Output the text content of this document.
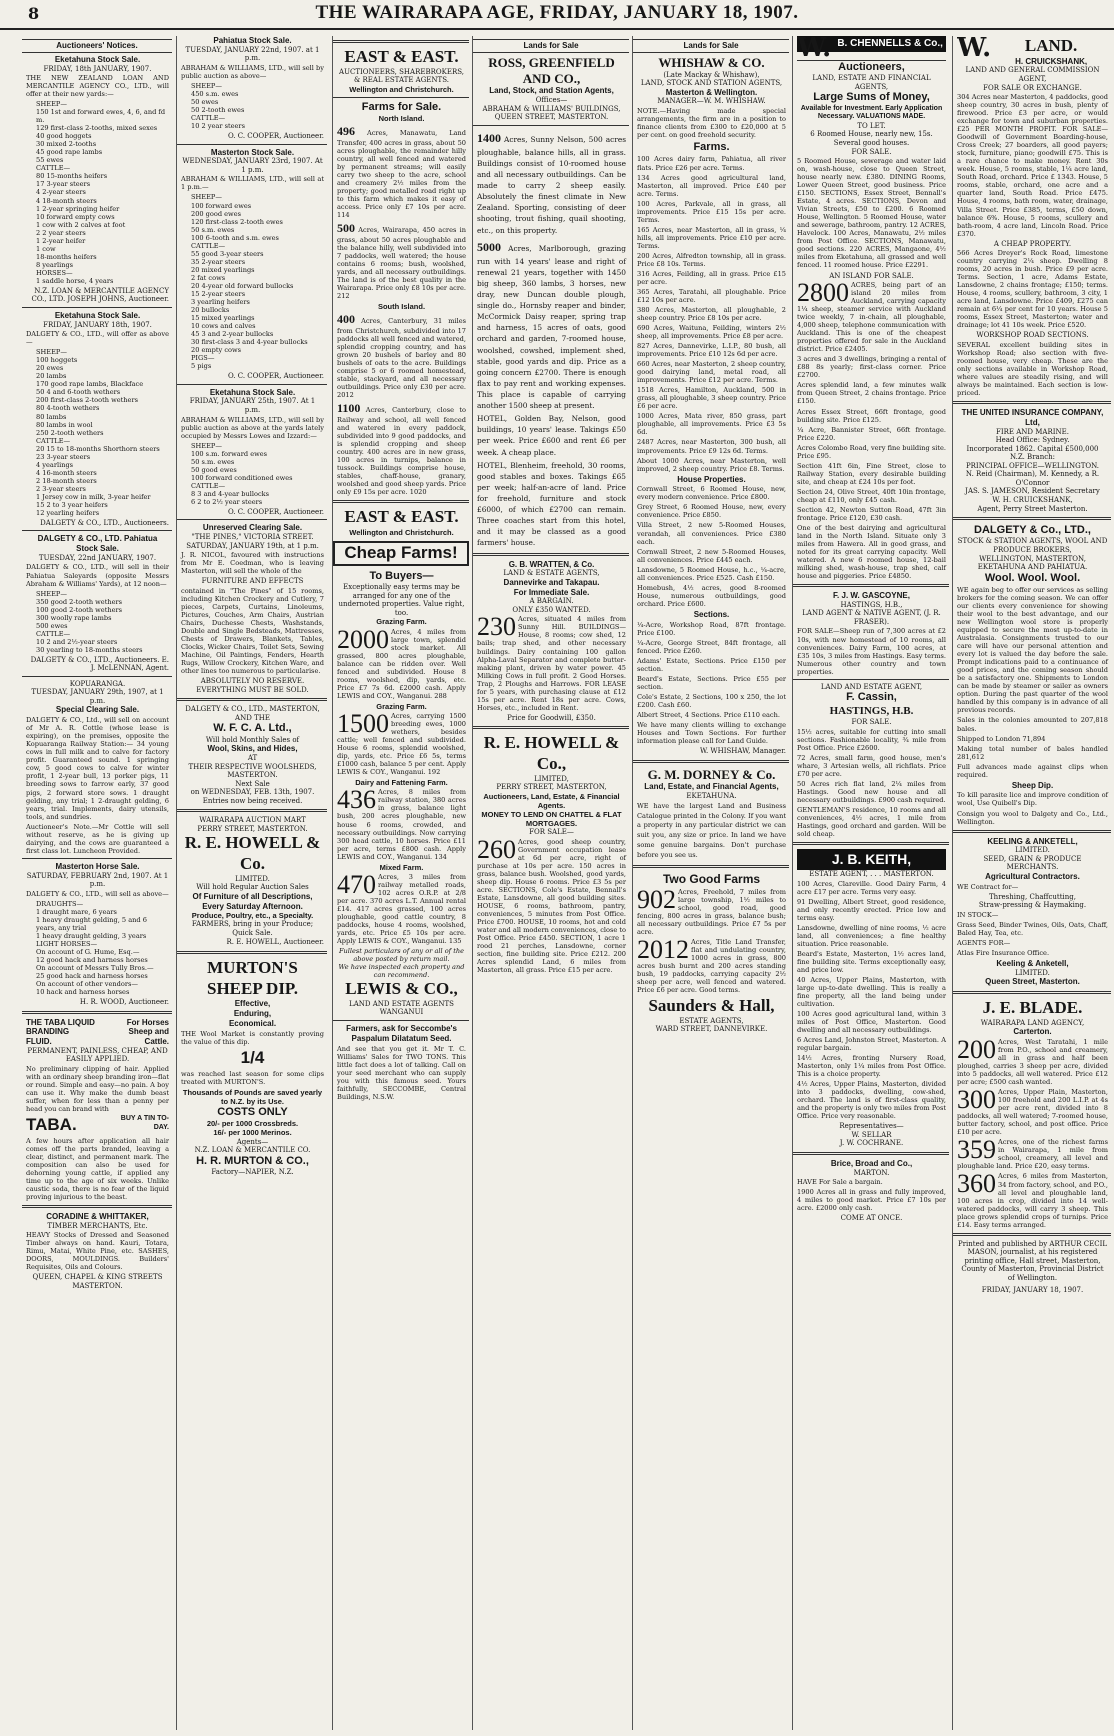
8	THE WAIRARAPA AGE, FRIDAY, JANUARY 18, 1907.
Auctioneers' Notices.
Eketahuna Stock Sale.
FRIDAY, 18th JANUARY, 1907.

THE NEW ZEALAND LOAN AND MERCANTILE AGENCY CO., LTD., will offer at their new yards:—

SHEEP—
150 1st and forward ewes, 4, 6, and fd m.
129 first-class 2-tooths, mixed sexes
40 good hoggets
30 mixed 2-tooths
45 good rape lambs
55 ewes
CATTLE—
80 15-months heifers
17 3-year steers
4 2-year steers
4 18-month steers
1 2-year springing heifer
10 forward empty cows
1 cow with 2 calves at foot
2 2 year steers
1 2-year heifer
1 cow
18-months heifers
8 yearlings
HORSES—
1 saddle horse, 4 years
N.Z. LOAN & MERCANTILE AGENCY CO., LTD. JOSEPH JOHNS, Auctioneer.
Eketahuna Stock Sale.
FRIDAY, JANUARY 18th, 1907.

DALGETY & CO., LTD., will offer as above—

SHEEP—
100 hoggets
20 ewes
20 lambs
170 good rape lambs, Blackface
50 4 and 6-tooth wethers
200 first-class 2-tooth wethers
80 4-tooth wethers
80 lambs
80 lambs in wool
250 2-tooth wethers
CATTLE—
20 15 to 18-months Shorthorn steers
23 3-year steers
4 yearlings
4 16-month steers
2 18-month steers
2 3-year steers
1 Jersey cow in milk, 3-year heifer
15 2 to 3 year heifers
12 yearling heifers
DALGETY & CO., LTD., Auctioneers.
DALGETY & CO., LTD. Pahiatua Stock Sale.
TUESDAY, 22nd JANUARY, 1907.

DALGETY & CO., LTD., will sell in their Pahiatua Saleyards (opposite Messrs Abraham & Williams' Yards), at 12 noon—

SHEEP—
350 good 2-tooth wethers
100 good 2-tooth wethers
300 woolly rape lambs
500 ewes
CATTLE—
10 2 and 2½-year steers
30 yearling to 18-months steers
DALGETY & CO., LTD., Auctioneers. E. J. McLENNAN, Agent.
KOPUARANGA.
TUESDAY, JANUARY 29th, 1907, at 1 p.m.
Special Clearing Sale.

DALGETY & CO., Ltd., will sell on account of Mr A. R. Cottle (whose lease is expiring), on the premises, opposite the Kopuaranga Railway Station:— 34 young cows in full milk and to calve for factory profit. Guaranteed sound. 1 springing cow, 5 good cows to calve for winter profit, 1 2-year bull, 13 porker pigs, 11 breeding sows to farrow early, 37 good pigs, 2 forward store sows. 1 draught gelding, any trial; 1 2-draught gelding, 6 years, trial. Implements, dairy utensils, tools, and sundries.

Auctioneer's Note.—Mr Cottle will sell without reserve, as he is giving up dairying, and the cows are guaranteed a first class lot. Luncheon Provided.

Masterton Horse Sale.
SATURDAY, FEBRUARY 2nd, 1907. At 1 p.m.

DALGETY & CO., LTD., will sell as above—

DRAUGHTS—
1 draught mare, 6 years
1 heavy draught gelding, 5 and 6 years, any trial
1 heavy draught gelding, 3 years
LIGHT HORSES—
On account of G. Hume, Esq.—
12 good hack and harness horses
On account of Messrs Tully Bros.—
25 good hack and harness horses
On account of other vendors—
10 hack and harness horses
H. R. WOOD, Auctioneer.
THE TABA LIQUID BRANDING FLUID.
For Horses Sheep and Cattle.
PERMANENT, PAINLESS, CHEAP, AND EASILY APPLIED.

No preliminary clipping of hair. Applied with an ordinary sheep branding iron—flat or round. Simple and easy—no pain. A boy can use it. Why make the dumb beast suffer, when for less than a penny per head you can brand with

TABA.	BUY A TIN TO-DAY.

A few hours after application all hair comes off the parts branded, leaving a clear, distinct, and permanent mark. The composition can also be used for dehorning young cattle, if applied any time up to the age of six weeks. Unlike caustic soda, there is no fear of the liquid proving injurious to the beast.

CORADINE & WHITTAKER,
TIMBER MERCHANTS, Etc.

HEAVY Stocks of Dressed and Seasoned Timber always on hand. Kauri, Totara, Rimu, Matai, White Pine, etc. SASHES, DOORS, MOULDINGS. Builders' Requisites, Oils and Colours.

QUEEN, CHAPEL & KING STREETS MASTERTON.
Pahiatua Stock Sale.
TUESDAY, JANUARY 22nd, 1907. at 1 p.m.

ABRAHAM & WILLIAMS, LTD., will sell by public auction as above—

SHEEP—
450 s.m. ewes
50 ewes
50 2-tooth ewes
CATTLE—
10 2 year steers
O. C. COOPER, Auctioneer.
Masterton Stock Sale.
WEDNESDAY, JANUARY 23rd, 1907. At 1 p.m.

ABRAHAM & WILLIAMS, LTD., will sell at 1 p.m.—

SHEEP—
100 forward ewes
200 good ewes
120 first-class 2-tooth ewes
50 s.m. ewes
100 6-tooth and s.m. ewes
CATTLE—
55 good 3-year steers
35 2-year steers
20 mixed yearlings
2 fat cows
20 4-year old forward bullocks
15 2-year steers
3 yearling heifers
20 bullocks
15 mixed yearlings
10 cows and calves
45 3 and 2-year bullocks
30 first-class 3 and 4-year bullocks
20 empty cows
PIGS—
5 pigs
O. C. COOPER, Auctioneer.
Eketahuna Stock Sale.
FRIDAY, JANUARY 25th, 1907. At 1 p.m.

ABRAHAM & WILLIAMS, LTD., will sell by public auction as above at the yards lately occupied by Messrs Lowes and Izzard:—

SHEEP—
100 s.m. forward ewes
50 s.m. ewes
50 good ewes
100 forward conditioned ewes
CATTLE—
8 3 and 4-year bullocks
6 2 to 2½ year steers
O. C. COOPER, Auctioneer.
Unreserved Clearing Sale.
"THE PINES," VICTORIA STREET.
SATURDAY, JANUARY 19th, at 1 p.m.

J. R. NICOL, favoured with instructions from Mr E. Coedman, who is leaving Masterton, will sell the whole of the

FURNITURE AND EFFECTS

contained in "The Pines" of 15 rooms, including Kitchen Crockery and Cutlery, 7 pieces, Carpets, Curtains, Linoleums, Pictures, Couches, Arm Chairs, Austrian Chairs, Duchesse Chests, Washstands, Double and Single Bedsteads, Mattresses, Chests of Drawers, Blankets, Tables, Clocks, Wicker Chairs, Toilet Sets, Sewing Machine, Oil Paintings, Fenders, Hearth Rugs, Willow Crockery, Kitchen Ware, and other lines too numerous to particularise.

ABSOLUTELY NO RESERVE.
EVERYTHING MUST BE SOLD.
DALGETY & CO., LTD., MASTERTON,
AND THE
W. F. C. A. Ltd.,
Will hold Monthly Sales of
Wool, Skins, and Hides,
AT
THEIR RESPECTIVE WOOLSHEDS, MASTERTON.
Next Sale
on WEDNESDAY, FEB. 13th, 1907.
Entries now being received.
WAIRARAPA AUCTION MART
PERRY STREET, MASTERTON.
R. E. HOWELL & Co.
LIMITED.
Will hold Regular Auction Sales
Of Furniture of all Descriptions,
Every Saturday Afternoon.
Produce, Poultry, etc., a Specialty.
FARMERS, bring in your Produce; Quick Sale.
R. E. HOWELL, Auctioneer.
MURTON'S SHEEP DIP.
Effective,
Enduring,
Economical.

THE Wool Market is constantly proving the value of this dip.

1/4

was reached last season for some clips treated with MURTON'S.

Thousands of Pounds are saved yearly to N.Z. by its Use.
COSTS ONLY
20/- per 1000 Crossbreds.
16/- per 1000 Merinos.
Agents—
N.Z. LOAN & MERCANTILE CO.
H. R. MURTON & CO.,
Factory—NAPIER, N.Z.
EAST & EAST.
AUCTIONEERS, SHAREBROKERS, & REAL ESTATE AGENTS.
Wellington and Christchurch.
Farms for Sale.
North Island.

496 Acres, Manawatu, Land Transfer, 400 acres in grass, about 50 acres ploughable, the remainder hilly country, all well fenced and watered by permanent streams; will easily carry two sheep to the acre, school and creamery 2½ miles from the property; good metalled road right up to this farm which makes it easy of access. Price only £7 10s per acre. 114

500 Acres, Wairarapa, 450 acres in grass, about 50 acres ploughable and the balance hilly, well subdivided into 7 paddocks, well watered; the house contains 6 rooms; bush, woolshed, yards, and all necessary outbuildings. The land is of the best quality in the Wairarapa. Price only £8 10s per acre. 212

South Island.

400 Acres, Canterbury, 31 miles from Christchurch, subdivided into 17 paddocks all well fenced and watered, splendid cropping country, and has grown 20 bushels of barley and 80 bushels of oats to the acre. Buildings comprise 5 or 6 roomed homestead, stable, stackyard, and all necessary outbuildings. Price only £30 per acre. 2012

1100 Acres, Canterbury, close to Railway and school, all well fenced and watered in every paddock, subdivided into 9 good paddocks, and is splendid cropping and sheep country. 400 acres are in new grass, 100 acres in turnips, balance in tussock. Buildings comprise house, stables, chaff-house, granary, woolshed and good sheep yards. Price only £9 15s per acre. 1020

EAST & EAST.
Wellington and Christchurch.
Cheap Farms!
To Buyers—
Exceptionally easy terms may be arranged for any one of the undernoted properties. Value right, too.
Grazing Farm.

2000 Acres, 4 miles from large town, splendid stock market. All grassed, 800 acres ploughable, balance can be ridden over. Well fenced and subdivided. House 8 rooms, woolshed, dip, yards, etc. Price £7 7s 6d. £2000 cash. Apply LEWIS and COY., Wanganui. 288

Grazing Farm.

1500 Acres, carrying 1500 breeding ewes, 1000 wethers, besides cattle; well fenced and subdivided. House 6 rooms, splendid woolshed, dip, yards, etc. Price £6 5s, terms £1000 cash, balance 5 per cent. Apply LEWIS & COY., Wanganui. 192

Dairy and Fattening Farm.

436 Acres, 8 miles from railway station, 380 acres in grass, balance light bush, 200 acres ploughable, new house 6 rooms, crowded, and necessary outbuildings. Now carrying 300 head cattle, 10 horses. Price £11 per acre, terms £800 cash. Apply LEWIS and COY., Wanganui. 134

Mixed Farm.

470 Acres, 3 miles from railway metalled roads, 102 acres O.R.P. at 2/8 per acre. 370 acres L.T. Annual rental £14. 417 acres grassed, 100 acres ploughable, good cattle country, 8 paddocks, house 4 rooms, woolshed, yards, etc. Price £5 10s per acre. Apply LEWIS & COY., Wanganui. 135

Fullest particulars of any or all of the above posted by return mail.
We have inspected each property and can recommend.
LEWIS & CO.,
LAND AND ESTATE AGENTS
WANGANUI
Farmers, ask for Seccombe's Paspalum Dilatatum Seed.

And see that you get it. Mr T. C. Williams' Sales for TWO TONS. This little fact does a lot of talking. Call on your seed merchant who can supply you with this famous seed. Yours faithfully, SECCOMBE, Central Buildings, N.S.W.

Lands for Sale
ROSS, GREENFIELD AND CO.,
Land, Stock, and Station Agents,
Offices—
ABRAHAM & WILLIAMS' BUILDINGS, QUEEN STREET, MASTERTON.

1400 Acres, Sunny Nelson, 500 acres ploughable, balance hills, all in grass. Buildings consist of 10-roomed house and all necessary outbuildings. Can be made to carry 2 sheep easily. Absolutely the finest climate in New Zealand. Sporting, consisting of deer shooting, trout fishing, quail shooting, etc., on this property.

5000 Acres, Marlborough, grazing run with 14 years' lease and right of renewal 21 years, together with 1450 big sheep, 360 lambs, 3 horses, new dray, new Duncan double plough, single do., Hornsby reaper and binder, McCormick Daisy reaper, spring trap and harness, 15 acres of oats, good orchard and garden, 7-roomed house, woolshed, cowshed, implement shed, stable, good yards and dip. Price as a going concern £2700. There is enough flax to pay rent and working expenses. This place is capable of carrying another 1500 sheep at present.

HOTEL, Golden Bay, Nelson, good buildings, 10 years' lease. Takings £50 per week. Price £600 and rent £6 per week. A cheap place.

HOTEL, Blenheim, freehold, 30 rooms, good stables and boxes. Takings £65 per week; half-an-acre of land. Price for freehold, furniture and stock £6000, of which £2700 can remain. Three coaches start from this hotel, and it may be classed as a good farmers' house.

G. B. WRATTEN, & Co.
LAND & ESTATE AGENTS,
Dannevirke and Takapau.
For Immediate Sale.
A BARGAIN.
ONLY £350 WANTED.

230 Acres, situated 4 miles from Sunny Hill. BUILDINGS—House, 8 rooms; cow shed, 12 bails; trap shed, and other necessary buildings. Dairy containing 100 gallon Alpha-Laval Separator and complete butter-making plant, driven by water power. 45 Milking Cows in full profit. 2 Good Horses. Trap, 2 Ploughs and Harrows. FOR LEASE for 5 years, with purchasing clause at £12 15s per acre. Rent 18s per acre. Cows, Horses, etc., included in Rent.

Price for Goodwill, £350.
R. E. HOWELL & Co.,
LIMITED,
PERRY STREET, MASTERTON,
Auctioneers, Land, Estate, & Financial Agents.
MONEY TO LEND ON CHATTEL & FLAT MORTGAGES.
FOR SALE—

260 Acres, good sheep country, Government occupation lease at 6d per acre, right of purchase at 10s per acre. 150 acres in grass, balance bush. Woolshed, good yards, sheep dip. House 6 rooms. Price £3 5s per acre. SECTIONS, Cole's Estate, Bennall's Estate, Lansdowne, all good building sites. HOUSE, 6 rooms, bathroom, pantry, conveniences, 5 minutes from Post Office. Price £700. HOUSE, 10 rooms, hot and cold water and all modern conveniences, close to Post Office. Price £450. SECTION, 1 acre 1 rood 21 perches, Lansdowne, corner section, fine building site. Price £212. 200 Acres splendid Land, 6 miles from Masterton, all grass. Price £15 per acre.

Lands for Sale
WHISHAW & CO.
(Late Mackay & Whishaw),
LAND, STOCK AND STATION AGENTS,
Masterton & Wellington.
MANAGER—W. M. WHISHAW.

NOTE.—Having made special arrangements, the firm are in a position to finance clients from £300 to £20,000 at 5 per cent. on good freehold security.

Farms.

100 Acres dairy farm, Pahiatua, all river flats. Price £26 per acre. Terms.

134 Acres good agricultural land, Masterton, all improved. Price £40 per acre. Terms.

100 Acres, Parkvale, all in grass, all improvements. Price £15 15s per acre. Terms.

165 Acres, near Masterton, all in grass, ¼ hills, all improvements. Price £10 per acre. Terms.

200 Acres, Alfredton township, all in grass. Price £8 10s. Terms.

316 Acres, Feilding, all in grass. Price £15 per acre.

365 Acres, Taratahi, all ploughable. Price £12 10s per acre.

380 Acres, Masterton, all ploughable, 2 sheep country. Price £8 10s per acre.

690 Acres, Waituna, Feilding, winters 2½ sheep, all improvements. Price £8 per acre.

827 Acres, Dannevirke, L.I.P., 80 bush, all improvements. Price £10 12s 6d per acre.

660 Acres, near Masterton, 2 sheep country, good dairying land, metal road, all improvements. Price £12 per acre. Terms.

1518 Acres, Hamilton, Auckland, 500 in grass, all ploughable, 3 sheep country. Price £6 per acre.

1000 Acres, Mata river, 850 grass, part ploughable, all improvements. Price £3 5s 6d.

2487 Acres, near Masterton, 300 bush, all improvements. Price £9 12s 6d. Terms.

About 1000 Acres, near Masterton, well improved, 2 sheep country. Price £8. Terms.

House Properties.

Cornwall Street, 6 Roomed House, new, every modern convenience. Price £800.

Grey Street, 6 Roomed House, new, every convenience. Price £850.

Villa Street, 2 new 5-Roomed Houses, verandah, all conveniences. Price £380 each.

Cornwall Street, 2 new 5-Roomed Houses, all conveniences. Price £445 each.

Lansdowne, 5 Roomed House, h.c., ¼-acre, all conveniences. Price £525. Cash £150.

Homebush, 4½ acres, good 8-roomed House, numerous outbuildings, good orchard. Price £600.

Sections.

¼-Acre, Workshop Road, 87ft frontage. Price £100.

¼-Acre, George Street, 84ft frontage, all fenced. Price £260.

Adams' Estate, Sections. Price £150 per section.

Beard's Estate, Sections. Price £55 per section.

Cole's Estate, 2 Sections, 100 x 250, the lot £200. Cash £60.

Albert Street, 4 Sections. Price £110 each.

We have many clients willing to exchange Houses and Town Sections. For further information please call for Land Guide.

W. WHISHAW, Manager.
G. M. DORNEY & Co.
Land, Estate, and Financial Agents,
EKETAHUNA.

WE have the largest Land and Business Catalogue printed in the Colony. If you want a property in any particular district we can suit you, any size or price. In land we have some genuine bargains. Don't purchase before you see us.

Two Good Farms

902 Acres, Freehold, 7 miles from large township, 1½ miles to school, good road, good fencing, 800 acres in grass, balance bush; all necessary outbuildings. Price £7 5s per acre.

2012 Acres, Title Land Transfer, flat and undulating country, 1000 acres in grass, 800 acres bush burnt and 200 acres standing bush, 19 paddocks, carrying capacity 2½ sheep per acre, well fenced and watered. Price £6 per acre. Good terms.

Saunders & Hall,
ESTATE AGENTS,
WARD STREET, DANNEVIRKE.
W. B. CHENNELLS & Co.,
Auctioneers,
LAND, ESTATE AND FINANCIAL AGENTS,
Large Sums of Money,
Available for Investment. Early Application Necessary. VALUATIONS MADE.
TO LET.
6 Roomed House, nearly new, 15s. Several good houses.
FOR SALE.

5 Roomed House, sewerage and water laid on, wash-house, close to Queen Street, house nearly new. £380. DINING Rooms, Lower Queen Street, good business. Price £150. SECTIONS, Essex Street, Bennall's Estate, 4 acres. SECTIONS, Devon and Vivian Streets, £50 to £200. 6 Roomed House, Wellington. 5 Roomed House, water and sewerage, bathroom, pantry. 12 ACRES, Havelock. 100 Acres, Manawatu, 2½ miles from Post Office. SECTIONS, Manawatu, good sections. 220 ACRES, Mangaone, 4½ miles from Eketahuna, all grassed and well fenced. 11 roomed house. Price £2291.

AN ISLAND FOR SALE.

2800 ACRES, being part of an island 20 miles from Auckland, carrying capacity 1¼ sheep, steamer service with Auckland twice weekly, 7 in-chain, all ploughable, 4,000 sheep, telephone communication with Auckland. This is one of the cheapest properties offered for sale in the Auckland district. Price £2405.

3 acres and 3 dwellings, bringing a rental of £88 8s yearly; first-class corner. Price £2700.

Acres splendid land, a few minutes walk from Queen Street, 2 chains frontage. Price £150.

Acres Essex Street, 66ft frontage, good building site. Price £125.

¼ Acre, Bannister Street, 66ft frontage. Price £220.

Acres Colombo Road, very fine building site. Price £95.

Section 41ft 6in, Fine Street, close to Railway Station, every desirable building site, and cheap at £24 10s per foot.

Section 24, Olive Street, 40ft 10in frontage, cheap at £110, only £45 cash.

Section 42, Newton Sutton Road, 47ft 3in frontage. Price £120, £30 cash.

One of the best dairying and agricultural land in the North Island. Situate only 3 miles from Hawera. All in good grass, and noted for its great carrying capacity. Well watered. A new 6 roomed house, 12-bail milking shed, wash-house, trap shed, calf house and piggeries. Price £4850.

F. J. W. GASCOYNE,
HASTINGS, H.B.,
LAND AGENT & NATIVE AGENT, (J. R. FRASER).

FOR SALE—Sheep run of 7,300 acres at £2 10s, with new homestead of 10 rooms, all conveniences. Dairy Farm, 100 acres, at £35 10s, 3 miles from Hastings. Easy terms. Numerous other country and town properties.

LAND AND ESTATE AGENT,
F. Cassin,
HASTINGS, H.B.
FOR SALE.

15½ acres, suitable for cutting into small sections. Fashionable locality, ¾ mile from Post Office. Price £2600.

72 Acres, small farm, good house, men's whare, 3 Artesian wells, all richflats. Price £70 per acre.

50 Acres rich flat land, 2¼ miles from Hastings. Good new house and all necessary outbuildings. £900 cash required.

GENTLEMAN'S residence, 10 rooms and all conveniences, 4½ acres, 1 mile from Hastings, good orchard and garden. Will be sold cheap.

J. B. KEITH,
ESTATE AGENT, . . . MASTERTON.

100 Acres, Clareville. Good Dairy Farm, 4 acre £17 per acre. Terms very easy.

91 Dwelling, Albert Street, good residence, and only recently erected. Price low and terms easy.

Lansdowne, dwelling of nine rooms, ½ acre land, all conveniences; a fine healthy situation. Price reasonable.

Beard's Estate, Masterton, 1½ acres land, fine building site. Terms exceptionally easy, and price low.

40 Acres, Upper Plains, Masterton, with large up-to-date dwelling. This is really a fine property, all the land being under cultivation.

100 Acres good agricultural land, within 3 miles of Post Office, Masterton. Good dwelling and all necessary outbuildings.

6 Acres Land, Johnston Street, Masterton. A regular bargain.

14½ Acres, fronting Nursery Road, Masterton, only 1¼ miles from Post Office. This is a choice property.

4½ Acres, Upper Plains, Masterton, divided into 3 paddocks, dwelling, cow-shed, orchard. The land is of first-class quality, and the property is only two miles from Post Office. Price very reasonable.

Representatives—
W. SELLAR
J. W. COCHRANE.
Brice, Broad and Co.,
MARTON.

HAVE For Sale a bargain.

1900 Acres all in grass and fully improved, 4 miles to good market. Price £7 10s per acre. £2000 only cash.

COME AT ONCE.
W.	LAND.
H. CRUICKSHANK,
LAND AND GENERAL COMMISSION AGENT,
FOR SALE OR EXCHANGE.

304 Acres near Masterton, 4 paddocks, good sheep country, 30 acres in bush, plenty of firewood. Price £3 per acre, or would exchange for town and suburban properties. £25 PER MONTH PROFIT. FOR SALE—Goodwill of Government Boarding-house, Cross Creek; 27 boarders, all good payers; stock, furniture, piano; goodwill £75. This is a rare chance to make money. Rent 30s week. House, 5 rooms, stable, 1¼ acre land, South Road, orchard. Price £ 1343. House, 5 rooms, stable, orchard, one acre and a quarter land, South Road. Price £475. House, 4 rooms, bath room, water, drainage, Villa Street. Price £385, terms, £50 down, balance 6%. House, 5 rooms, scullery and bath-room, 4 acre land, Lincoln Road. Price £370.

A CHEAP PROPERTY.

566 Acres Dreyer's Rock Road, limestone country carrying 2¼ sheep. Dwelling 8 rooms, 20 acres in bush. Price £9 per acre. Terms. Section, 1 acre, Adams Estate, Lansdowne, 2 chains frontage; £150; terms. House, 4 rooms, scullery, bathroom, 3 city, 1 acre land, Lansdowne. Price £409, £275 can remain at 6¼ per cent for 10 years. House 5 rooms, Essex Street, Masterton; water and drainage; lot 41 10s week. Price £520.

WORKSHOP ROAD SECTIONS.

SEVERAL excellent building sites in Workshop Road; also section with five-roomed house, very cheap. These are the only sections available in Workshop Road, where values are steadily rising, and will always be maintained. Each section is low-priced.

THE UNITED INSURANCE COMPANY, Ltd,
FIRE AND MARINE.
Head Office: Sydney.
Incorporated 1862. Capital £500,000
N.Z. Branch:
PRINCIPAL OFFICE—WELLINGTON.
N. Reid (Chairman), M. Kennedy, a R. O'Connor
JAS. S. JAMESON, Resident Secretary
W. H. CRUICKSHANK,
Agent, Perry Street Masterton.
DALGETY & Co., LTD.,
STOCK & STATION AGENTS, WOOL AND PRODUCE BROKERS,
WELLINGTON, MASTERTON, EKETAHUNA AND PAHIATUA.
Wool. Wool. Wool.

WE again beg to offer our services as selling brokers for the coming season. We can offer our clients every convenience for showing their wool to the best advantage, and our new Wellington wool store is properly equipped to secure the most up-to-date in Australasia. Consignments trusted to our care will have our personal attention and every lot is valued the day before the sale. Prompt indications paid to a continuance of good prices, and the coming season should be a satisfactory one. Shipments to London can be made by steamer or sailer as owners option. During the past quarter of the wool handled by this company is in advance of all previous records.

Sales in the colonies amounted to 207,818 bales.

Shipped to London 71,894

Making total number of bales handled 281,612

Full advances made against clips when required.

Sheep Dip.

To kill parasite lice and improve condition of wool, Use Quibell's Dip.

Consign you wool to Dalgety and Co., Ltd., Wellington.

KEELING & ANKETELL,
LIMITED.
SEED, GRAIN & PRODUCE MERCHANTS.
Agricultural Contractors.

WE Contract for—

Threshing, Chaffcutting,
Straw-pressing & Haymaking.

IN STOCK—

Grass Seed, Binder Twines, Oils, Oats, Chaff, Baled Hay, Tea, etc.

AGENTS FOR—

Atlas Fire Insurance Office.

Keeling & Anketell,
LIMITED.
Queen Street, Masterton.
J. E. BLADE.
WAIRARAPA LAND AGENCY,
Carterton.

200 Acres, West Taratahi, 1 mile from P.O., school and creamery, all in grass and half been ploughed, carries 3 sheep per acre, divided into 5 paddocks, all well watered. Price £12 per acre; £500 cash wanted.

300 Acres, Upper Plain, Masterton, 100 freehold and 200 L.I.P. at 4s per acre rent, divided into 8 paddocks, all well watered; 7-roomed house, butter factory, school, and post office. Price £10 per acre.

359 Acres, one of the richest farms in Wairarapa, 1 mile from school, creamery, all level and ploughable land. Price £20, easy terms.

360 Acres, 6 miles from Masterton, 34 from factory, school, and P.O., all level and ploughable land, 100 acres in crop, divided into 14 well-watered paddocks, will carry 3 sheep. This place grows splendid crops of turnips. Price £14. Easy terms arranged.

Printed and published by ARTHUR CECIL MASON, journalist, at his registered printing office, Hall street, Masterton, County of Masterton, Provincial District of Wellington.
FRIDAY, JANUARY 18, 1907.
